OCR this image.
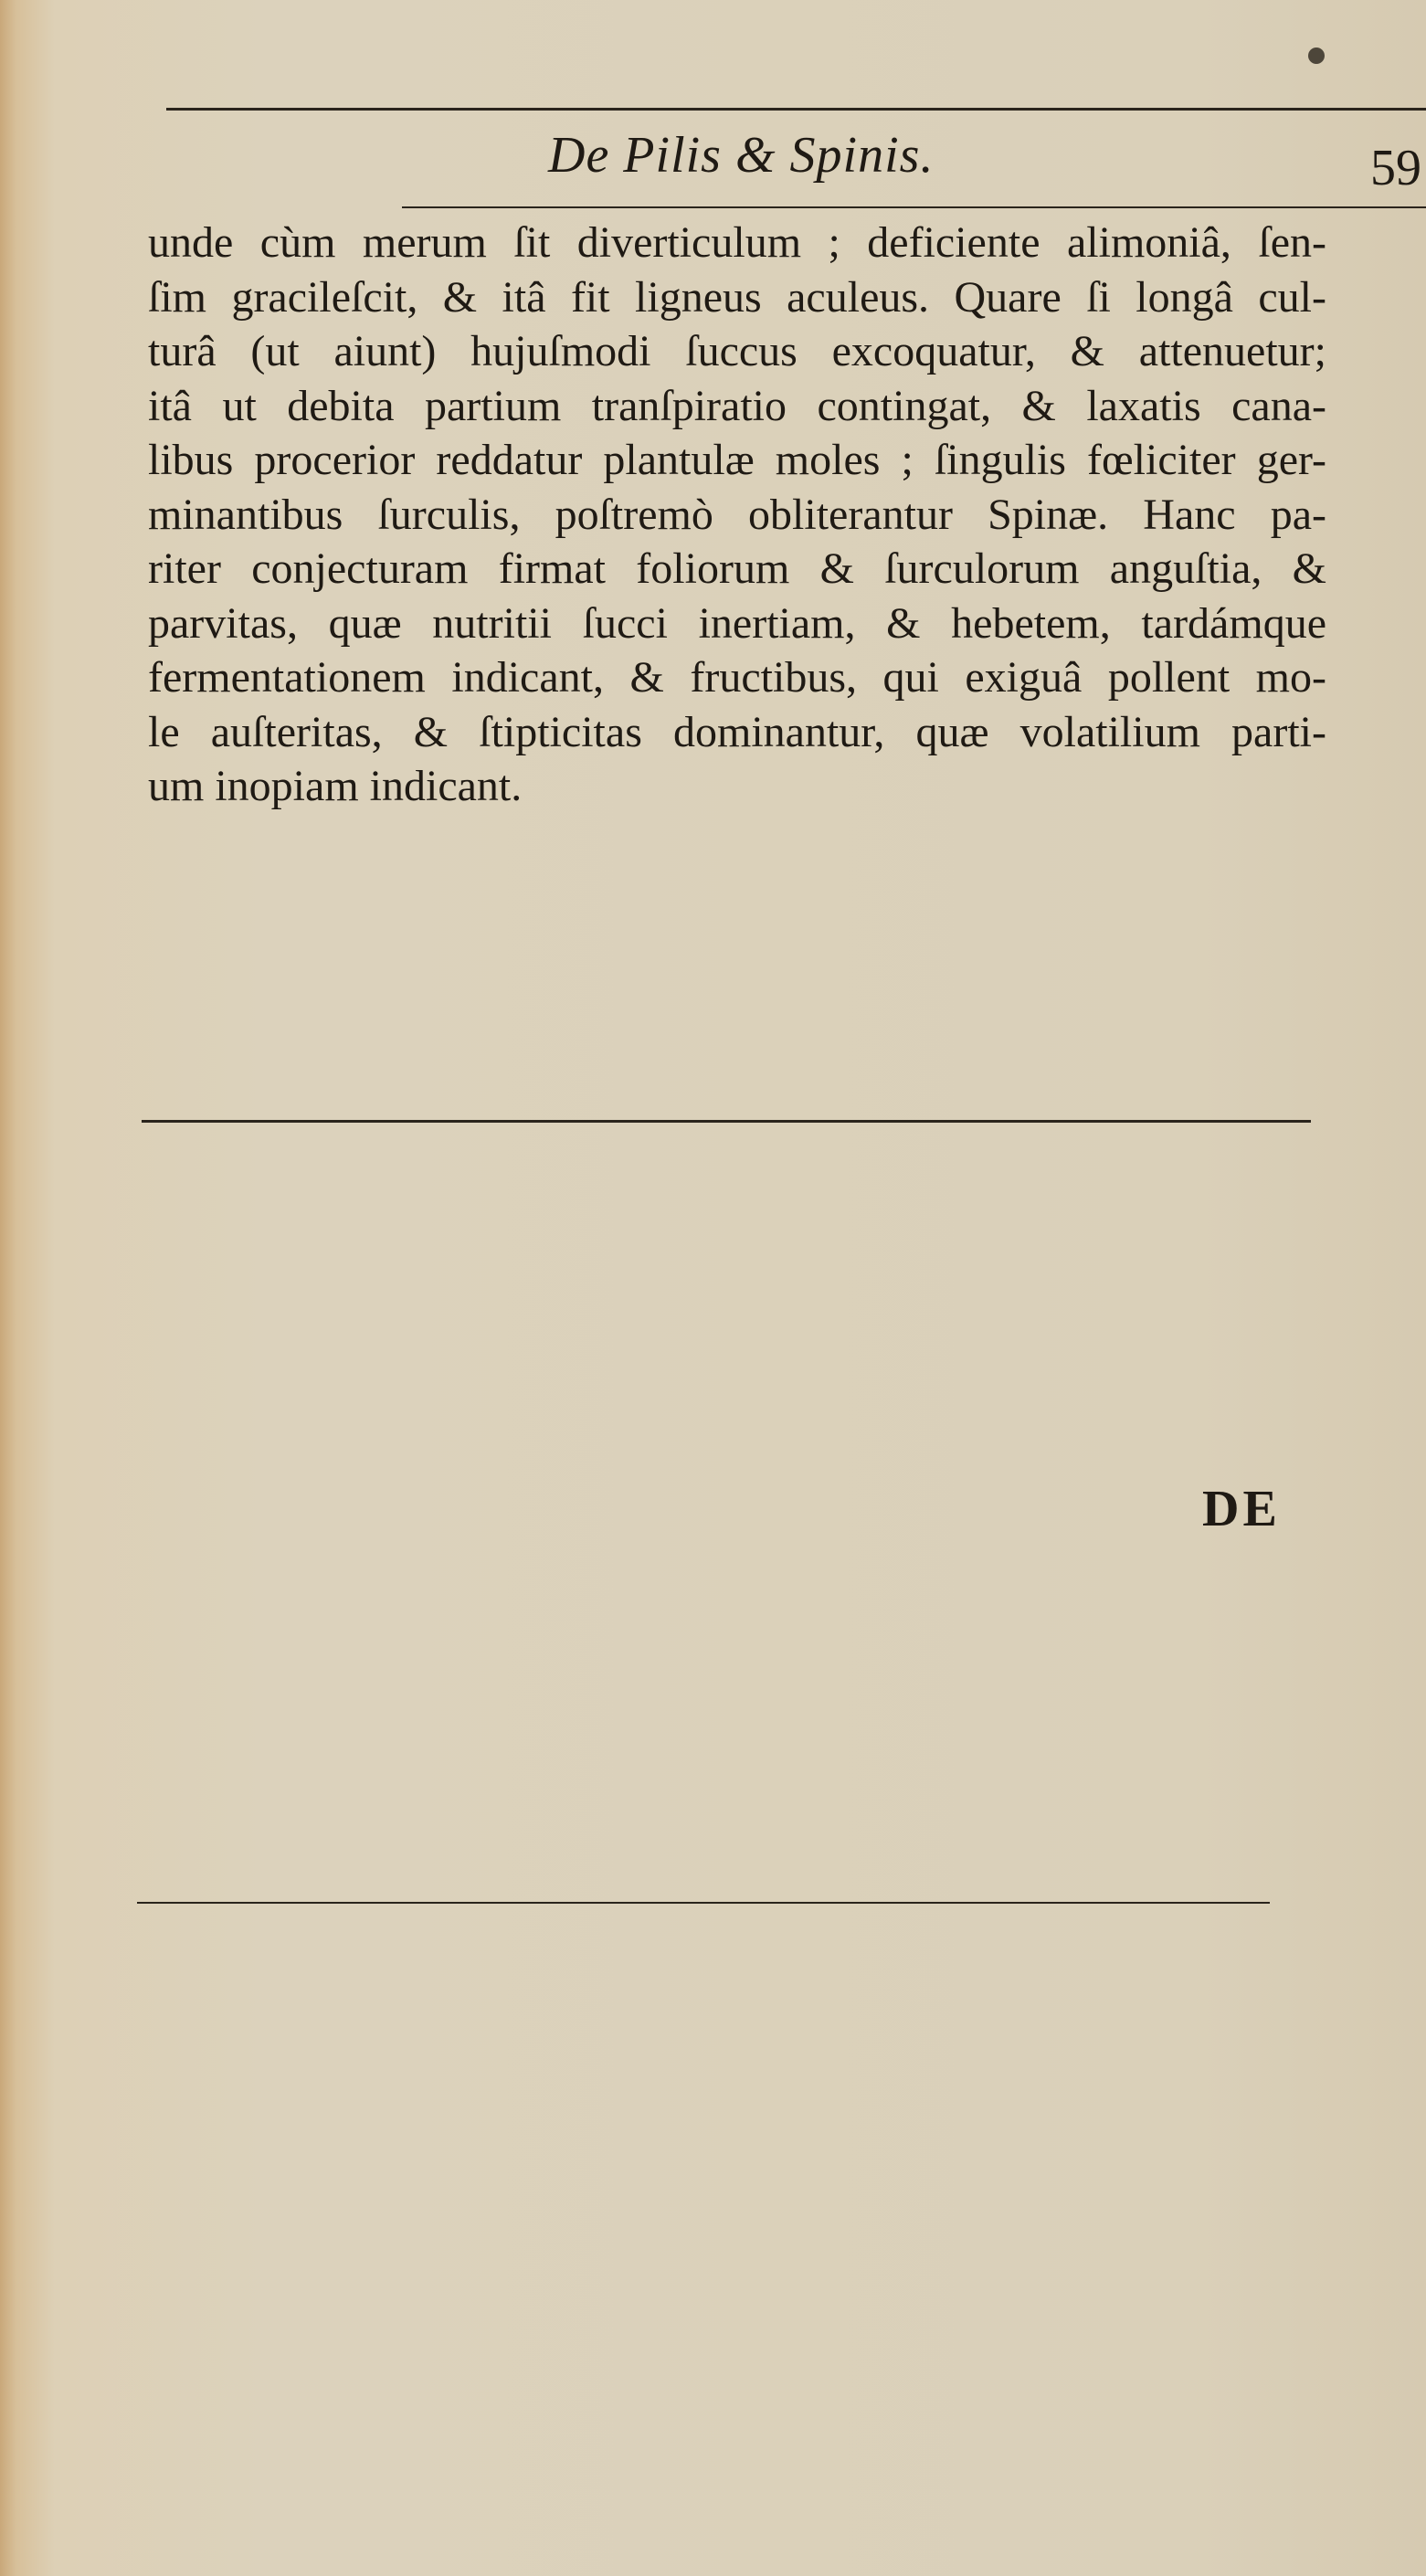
De Pilis & Spinis.	59
unde cùm merum ſit diverticulum ; deficiente alimoniâ, ſen-
ſim gracileſcit, & itâ fit ligneus aculeus. Quare ſi longâ cul-
turâ (ut aiunt) hujuſmodi ſuccus excoquatur, & attenuetur;
itâ ut debita partium tranſpiratio contingat, & laxatis cana-
libus procerior reddatur plantulæ moles ; ſingulis fœliciter ger-
minantibus ſurculis, poſtremò obliterantur Spinæ. Hanc pa-
riter conjecturam firmat foliorum & ſurculorum anguſtia, &
parvitas, quæ nutritii ſucci inertiam, & hebetem, tardámque
fermentationem indicant, & fructibus, qui exiguâ pollent mo-
le auſteritas, & ſtipticitas dominantur, quæ volatilium parti-
um inopiam indicant.
DE
